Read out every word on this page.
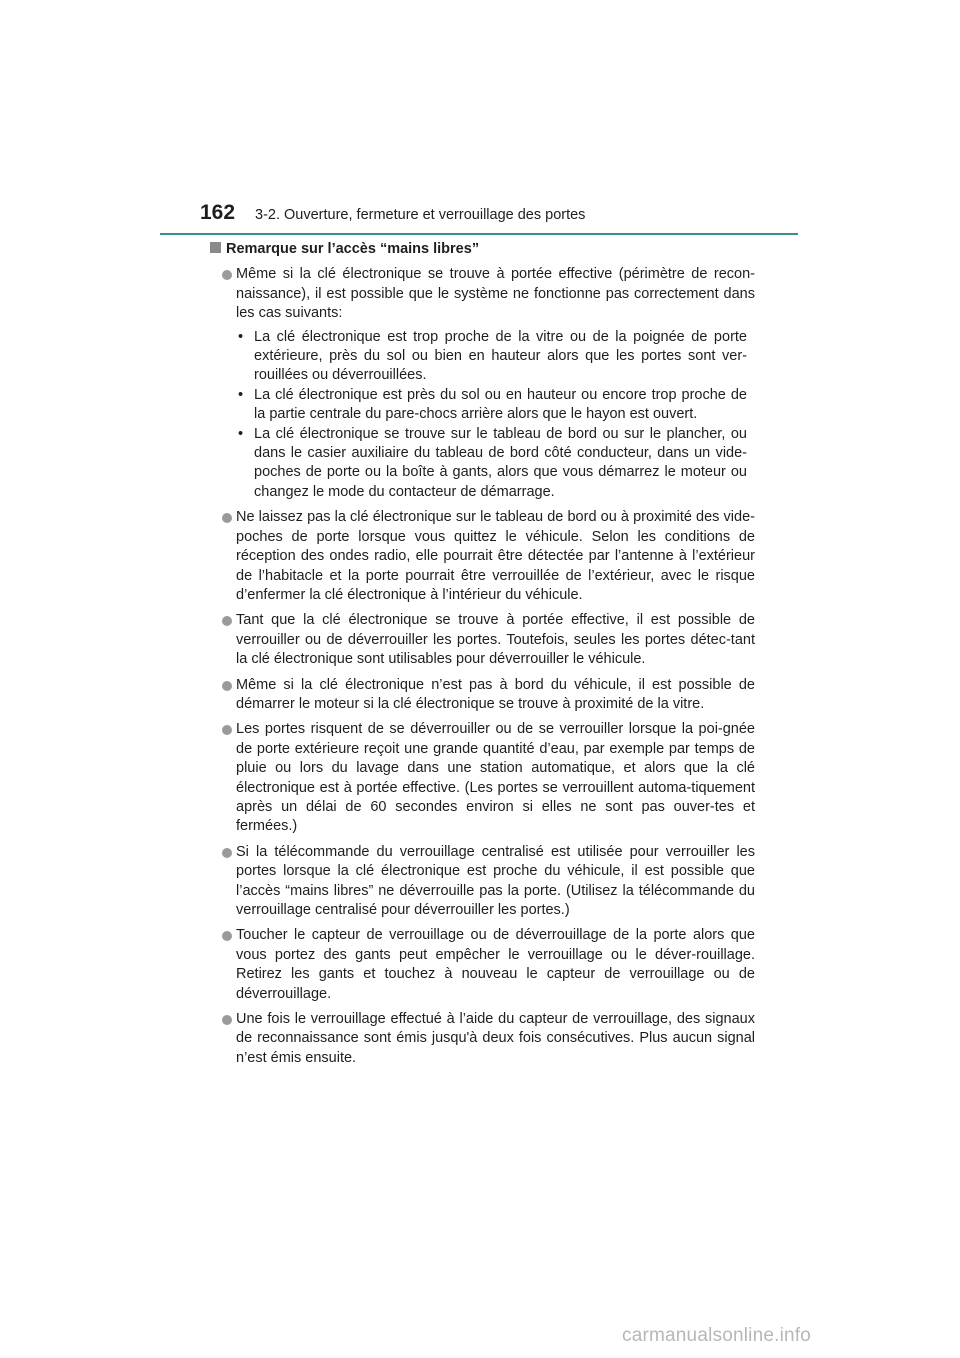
162 3-2. Ouverture, fermeture et verrouillage des portes
Remarque sur l’accès “mains libres”
Même si la clé électronique se trouve à portée effective (périmètre de recon-naissance), il est possible que le système ne fonctionne pas correctement dans les cas suivants:
• La clé électronique est trop proche de la vitre ou de la poignée de porte extérieure, près du sol ou bien en hauteur alors que les portes sont ver-rouillées ou déverrouillées.
• La clé électronique est près du sol ou en hauteur ou encore trop proche de la partie centrale du pare-chocs arrière alors que le hayon est ouvert.
• La clé électronique se trouve sur le tableau de bord ou sur le plancher, ou dans le casier auxiliaire du tableau de bord côté conducteur, dans un vide-poches de porte ou la boîte à gants, alors que vous démarrez le moteur ou changez le mode du contacteur de démarrage.
Ne laissez pas la clé électronique sur le tableau de bord ou à proximité des vide-poches de porte lorsque vous quittez le véhicule. Selon les conditions de réception des ondes radio, elle pourrait être détectée par l’antenne à l’extérieur de l’habitacle et la porte pourrait être verrouillée de l’extérieur, avec le risque d’enfermer la clé électronique à l’intérieur du véhicule.
Tant que la clé électronique se trouve à portée effective, il est possible de verrouiller ou de déverrouiller les portes. Toutefois, seules les portes détec-tant la clé électronique sont utilisables pour déverrouiller le véhicule.
Même si la clé électronique n’est pas à bord du véhicule, il est possible de démarrer le moteur si la clé électronique se trouve à proximité de la vitre.
Les portes risquent de se déverrouiller ou de se verrouiller lorsque la poi-gnée de porte extérieure reçoit une grande quantité d’eau, par exemple par temps de pluie ou lors du lavage dans une station automatique, et alors que la clé électronique est à portée effective. (Les portes se verrouillent automa-tiquement après un délai de 60 secondes environ si elles ne sont pas ouver-tes et fermées.)
Si la télécommande du verrouillage centralisé est utilisée pour verrouiller les portes lorsque la clé électronique est proche du véhicule, il est possible que l’accès “mains libres” ne déverrouille pas la porte. (Utilisez la télécommande du verrouillage centralisé pour déverrouiller les portes.)
Toucher le capteur de verrouillage ou de déverrouillage de la porte alors que vous portez des gants peut empêcher le verrouillage ou le déver-rouillage. Retirez les gants et touchez à nouveau le capteur de verrouillage ou de déverrouillage.
Une fois le verrouillage effectué à l’aide du capteur de verrouillage, des signaux de reconnaissance sont émis jusqu'à deux fois consécutives. Plus aucun signal n’est émis ensuite.
carmanualsonline.info
